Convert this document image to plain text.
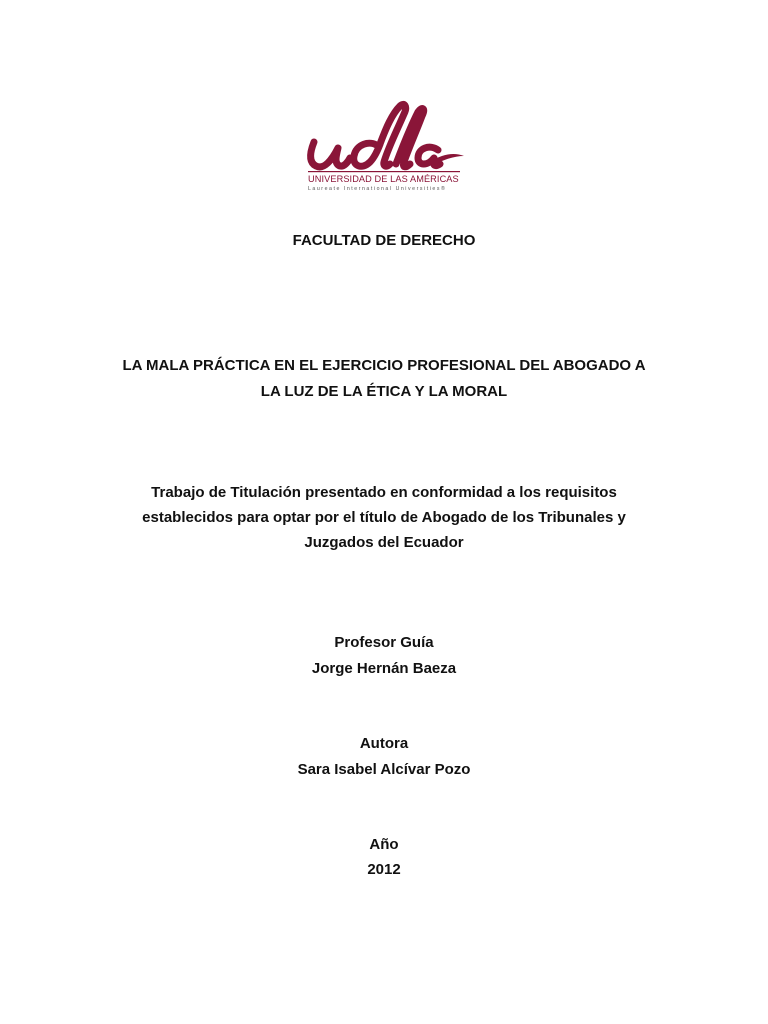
UNIVERSIDAD DE LAS AMÉRICAS
Laureate International Universities®
FACULTAD DE DERECHO
LA MALA PRÁCTICA EN EL EJERCICIO PROFESIONAL DEL ABOGADO A
LA LUZ DE LA ÉTICA Y LA MORAL
Trabajo de Titulación presentado en conformidad a los requisitos
establecidos para optar por el título de Abogado de los Tribunales y
Juzgados del Ecuador
Profesor Guía
Jorge Hernán Baeza
Autora
Sara Isabel Alcívar Pozo
Año
2012
